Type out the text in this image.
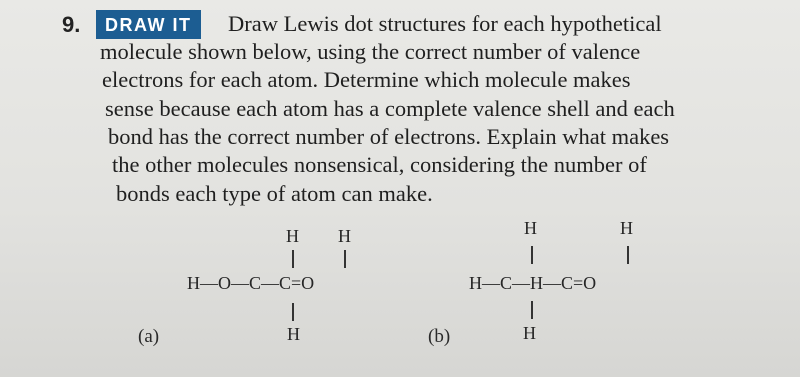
9.	DRAW IT	Draw Lewis dot structures for each hypothetical
molecule shown below, using the correct number of valence
electrons for each atom. Determine which molecule makes
sense because each atom has a complete valence shell and each
bond has the correct number of electrons. Explain what makes
the other molecules nonsensical, considering the number of
bonds each type of atom can make.
H H
H—O—C—C=O
H
(a)
H	H
H—C—H—C=O
H
(b)
